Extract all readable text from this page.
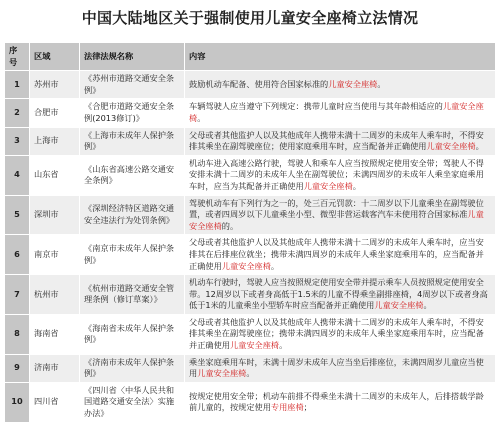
中国大陆地区关于强制使用儿童安全座椅立法情况
序号	区域	法律法规名称	内容
1	苏州市	《苏州市道路交通安全条例》	鼓励机动车配备、使用符合国家标准的儿童安全座椅。
2	合肥市	《合肥市道路交通安全条例(2013修订)》	车辆驾驶人应当遵守下列规定：携带儿童时应当使用与其年龄相适应的儿童安全座椅。
3	上海市	《上海市未成年人保护条例》	父母或者其他监护人以及其他成年人携带未满十二周岁的未成年人乘车时，不得安排其乘坐在副驾驶座位；使用家庭乘用车时，应当配备并正确使用儿童安全座椅。
4	山东省	《山东省高速公路交通安全条例》	机动车进入高速公路行驶，驾驶人和乘车人应当按照规定使用安全带；驾驶人不得安排未满十二周岁的未成年人坐在副驾驶位；未满四周岁的未成年人乘坐家庭乘用车时，应当为其配备并正确使用儿童安全座椅。
5	深圳市	《深圳经济特区道路交通安全违法行为处罚条例》	驾驶机动车有下列行为之一的，处三百元罚款：十二周岁以下儿童乘坐在副驾驶位置，或者四周岁以下儿童乘坐小型、微型非营运载客汽车未使用符合国家标准儿童安全座椅的。
6	南京市	《南京市未成年人保护条例》	父母或者其他监护人以及其他成年人携带未满十二周岁的未成年人乘车时，应当安排其在后排座位就坐；携带未满四周岁的未成年人乘坐家庭乘用车的，应当配备并正确使用儿童安全座椅。
7	杭州市	《杭州市道路交通安全管理条例（修订草案）》	机动车行驶时，驾驶人应当按照规定使用安全带并提示乘车人员按照规定使用安全带。12周岁以下或者身高低于1.5米的儿童不得乘坐副排座椅，4周岁以下或者身高低于1米的儿童乘坐小型轿车时应当配备并正确使用儿童安全座椅。
8	海南省	《海南省未成年人保护条例》	父母或者其他监护人以及其他成年人携带未满十二周岁的未成年人乘车时，不得安排其乘坐在副驾驶座位；携带未满四周岁的未成年人乘坐家庭乘用车时，应当配备并正确使用儿童安全座椅。
9	济南市	《济南市未成年人保护条例》	乘坐家庭乘用车时，未满十周岁未成年人应当坐后排座位，未满四周岁儿童应当使用儿童安全座椅。
10	四川省	《四川省〈中华人民共和国道路交通安全法〉实施办法》	按规定使用安全带；机动车前排不得乘坐未满十二周岁的未成年人，后排搭载学龄前儿童的，按规定使用专用座椅；
